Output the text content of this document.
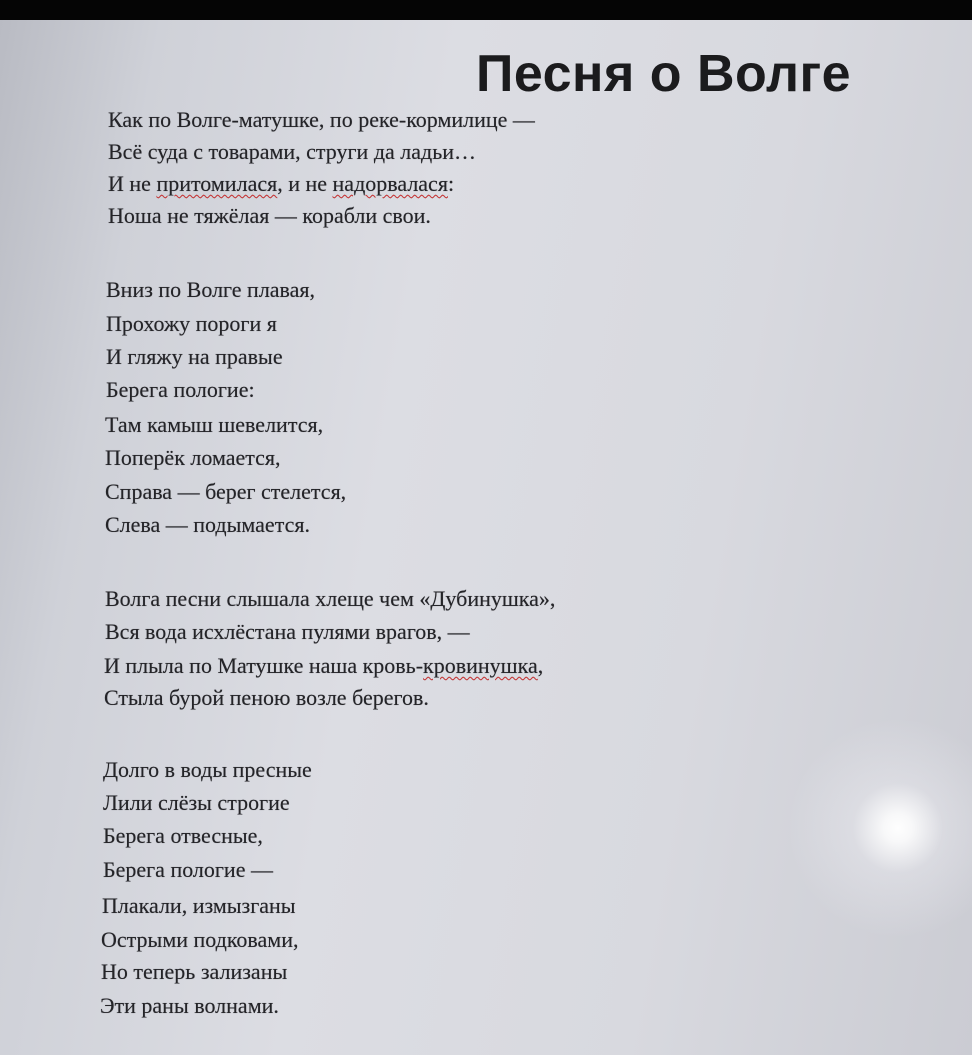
Песня о Волге
Как по Волге-матушке, по реке-кормилице —
Всё суда с товарами, струги да ладьи…
И не притомилася, и не надорвалася:
Ноша не тяжёлая — корабли свои.
Вниз по Волге плавая,
Прохожу пороги я
И гляжу на правые
Берега пологие:
Там камыш шевелится,
Поперёк ломается,
Справа — берег стелется,
Слева — подымается.
Волга песни слышала хлеще чем «Дубинушка»,
Вся вода исхлёстана пулями врагов, —
И плыла по Матушке наша кровь-кровинушка,
Стыла бурой пеною возле берегов.
Долго в воды пресные
Лили слёзы строгие
Берега отвесные,
Берега пологие —
Плакали, измызганы
Острыми подковами,
Но теперь зализаны
Эти раны волнами.
